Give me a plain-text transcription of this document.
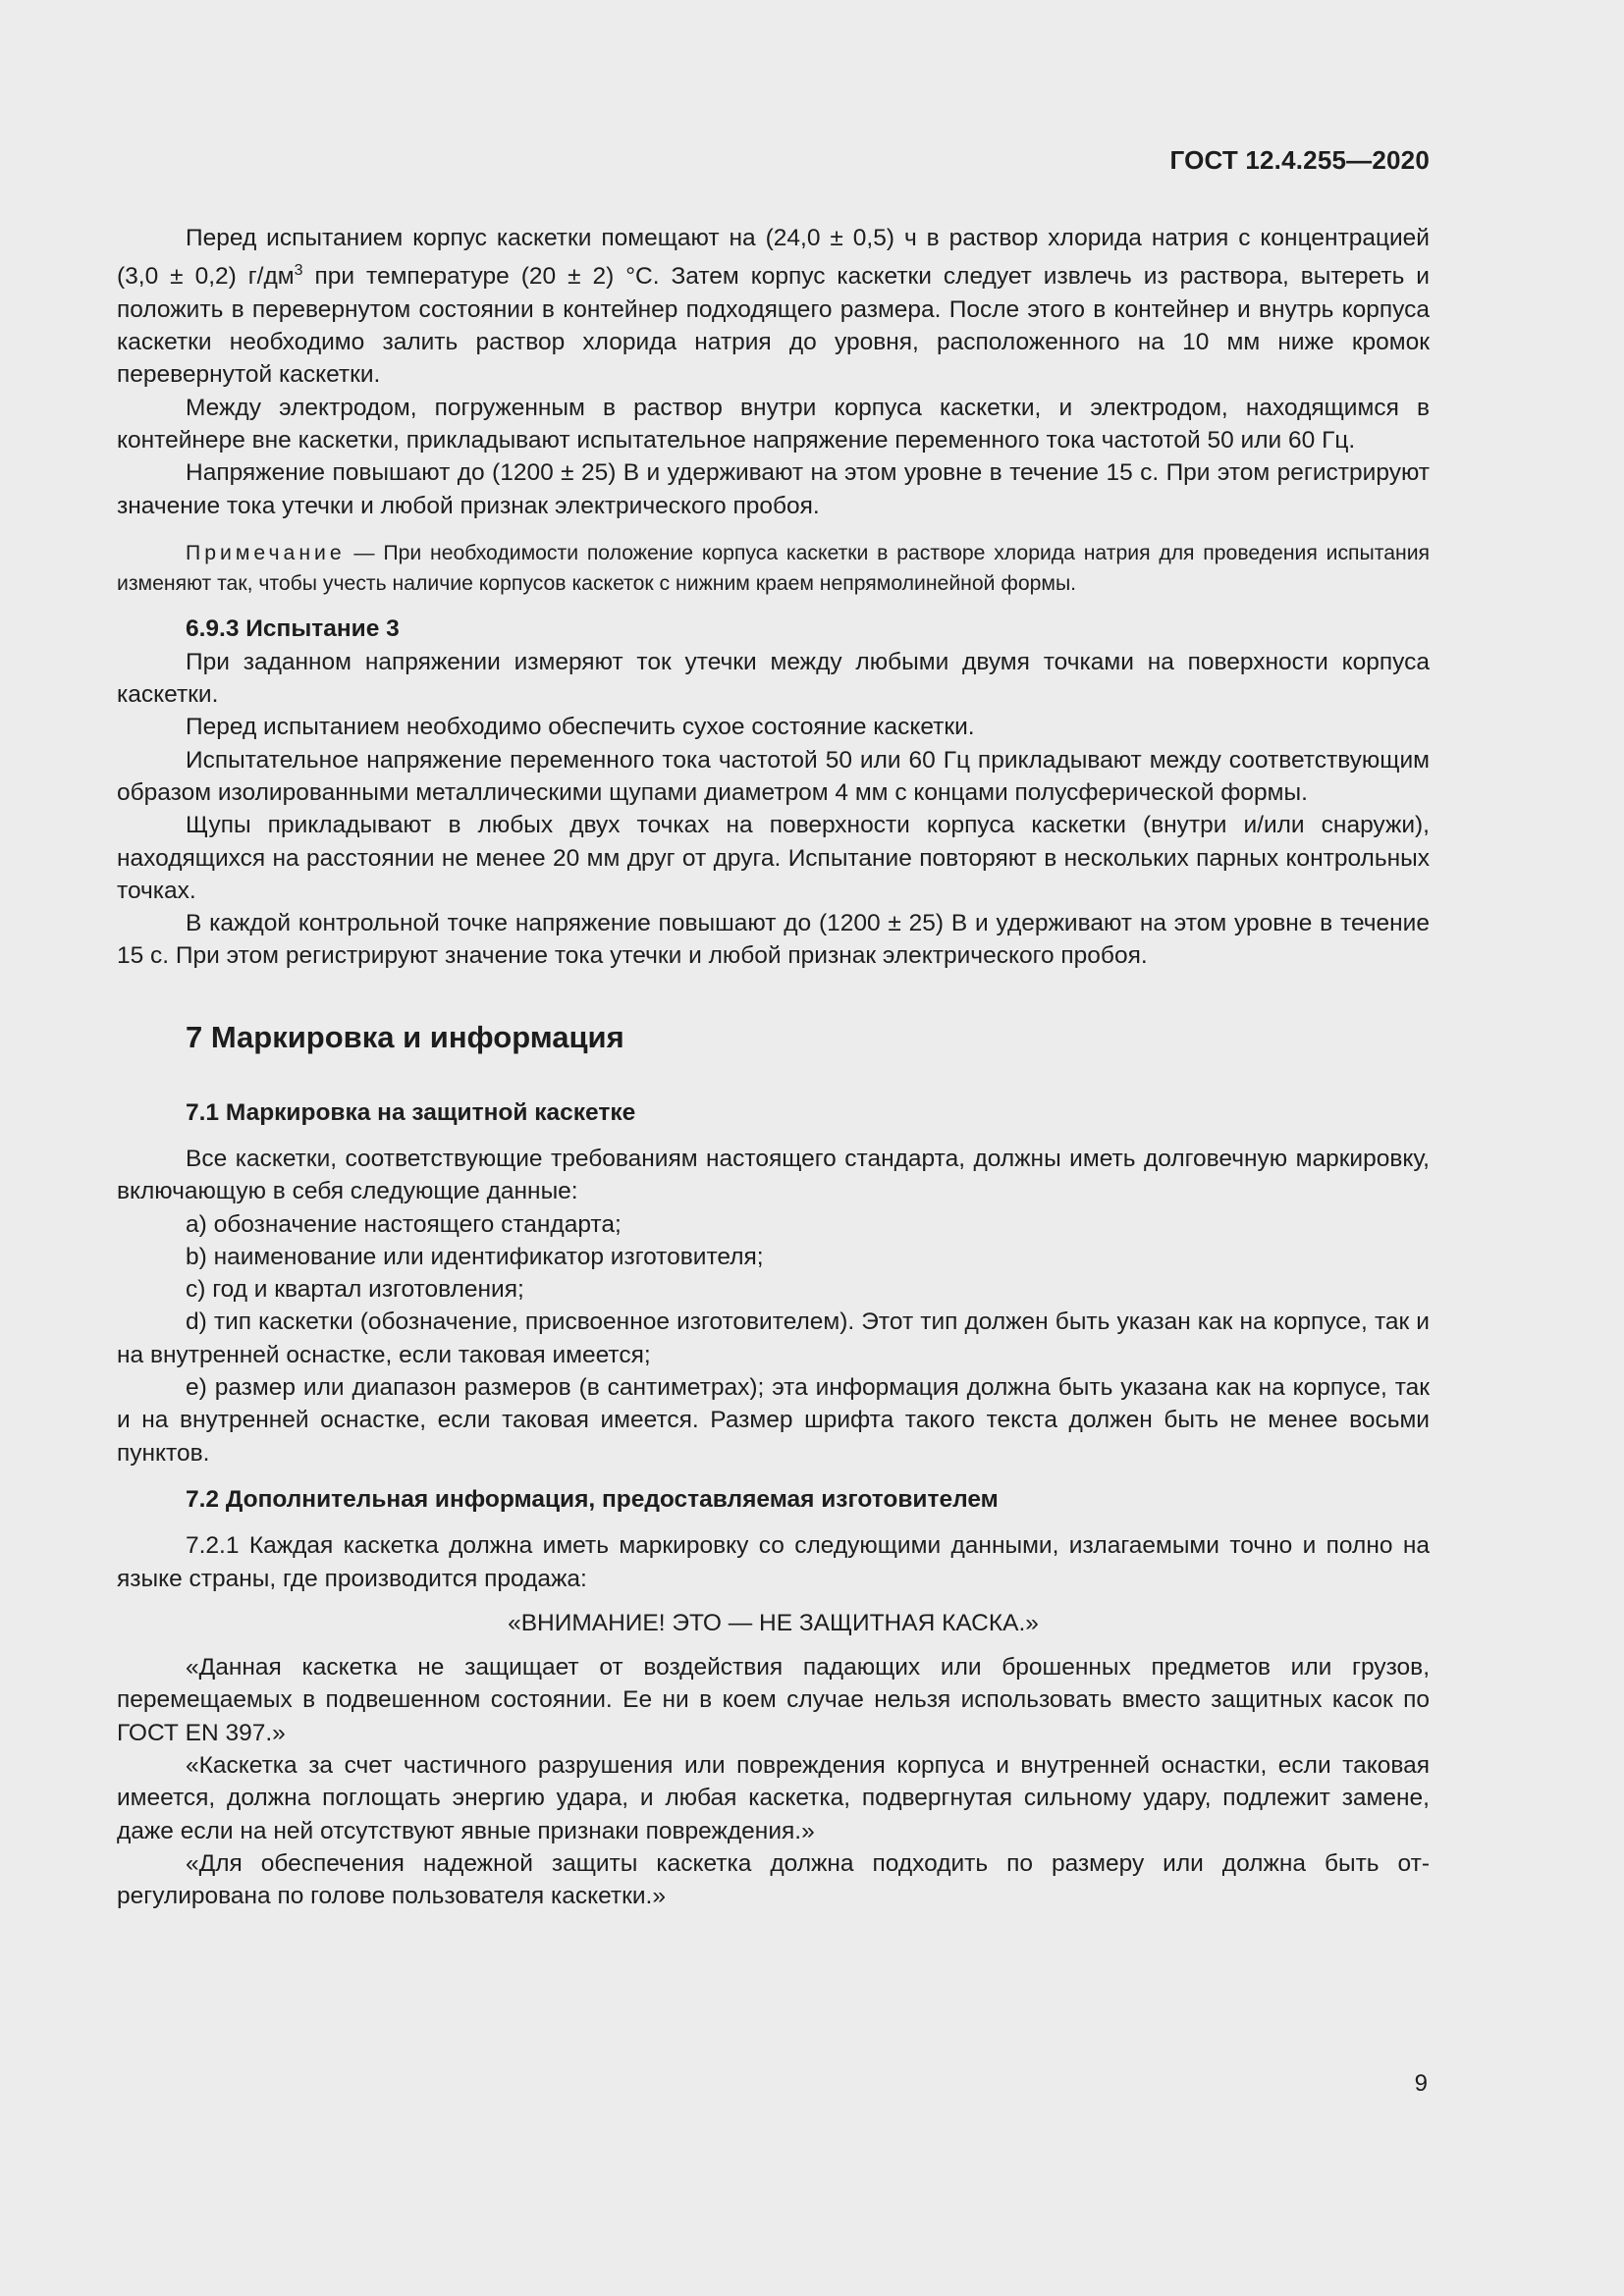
ГОСТ 12.4.255—2020

Перед испытанием корпус каскетки помещают на (24,0 ± 0,5) ч в раствор хлорида натрия с концентрацией (3,0 ± 0,2) $г/дм^3$ при температуре (20 ± 2) °С. Затем корпус каскетки следует извлечь из раствора, вытереть и положить в перевернутом состоянии в контейнер подходящего размера. После этого в контейнер и внутрь корпуса каскетки необходимо залить раствор хлорида натрия до уровня, расположенного на 10 мм ниже кромок перевернутой каскетки.

Между электродом, погруженным в раствор внутри корпуса каскетки, и электродом, находящимся в контейнере вне каскетки, прикладывают испытательное напряжение переменного тока частотой 50 или 60 Гц.

Напряжение повышают до (1200 ± 25) В и удерживают на этом уровне в течение 15 с. При этом регистрируют значение тока утечки и любой признак электрического пробоя.

Примечание — При необходимости положение корпуса каскетки в растворе хлорида натрия для проведения испытания изменяют так, чтобы учесть наличие корпусов каскеток с нижним краем непрямолинейной формы.

6.9.3 Испытание 3

При заданном напряжении измеряют ток утечки между любыми двумя точками на поверхности корпуса каскетки.

Перед испытанием необходимо обеспечить сухое состояние каскетки.

Испытательное напряжение переменного тока частотой 50 или 60 Гц прикладывают между соответствующим образом изолированными металлическими щупами диаметром 4 мм с концами полусферической формы.

Щупы прикладывают в любых двух точках на поверхности корпуса каскетки (внутри и/или снаружи), находящихся на расстоянии не менее 20 мм друг от друга. Испытание повторяют в нескольких парных контрольных точках.

В каждой контрольной точке напряжение повышают до (1200 ± 25) В и удерживают на этом уровне в течение 15 с. При этом регистрируют значение тока утечки и любой признак электрического пробоя.

7 Маркировка и информация
7.1 Маркировка на защитной каскетке

Все каскетки, соответствующие требованиям настоящего стандарта, должны иметь долговечную маркировку, включающую в себя следующие данные:

a) обозначение настоящего стандарта;

b) наименование или идентификатор изготовителя;

c) год и квартал изготовления;

d) тип каскетки (обозначение, присвоенное изготовителем). Этот тип должен быть указан как на корпусе, так и на внутренней оснастке, если таковая имеется;

e) размер или диапазон размеров (в сантиметрах); эта информация должна быть указана как на корпусе, так и на внутренней оснастке, если таковая имеется. Размер шрифта такого текста должен быть не менее восьми пунктов.

7.2 Дополнительная информация, предоставляемая изготовителем

7.2.1 Каждая каскетка должна иметь маркировку со следующими данными, излагаемыми точно и полно на языке страны, где производится продажа:

«ВНИМАНИЕ! ЭТО — НЕ ЗАЩИТНАЯ КАСКА.»

«Данная каскетка не защищает от воздействия падающих или брошенных предметов или грузов, перемещаемых в подвешенном состоянии. Ее ни в коем случае нельзя использовать вместо защитных касок по ГОСТ EN 397.»

«Каскетка за счет частичного разрушения или повреждения корпуса и внутренней оснастки, если таковая имеется, должна поглощать энергию удара, и любая каскетка, подвергнутая сильному удару, подлежит замене, даже если на ней отсутствуют явные признаки повреждения.»

«Для обеспечения надежной защиты каскетка должна подходить по размеру или должна быть отрегулирована по голове пользователя каскетки.»

9
